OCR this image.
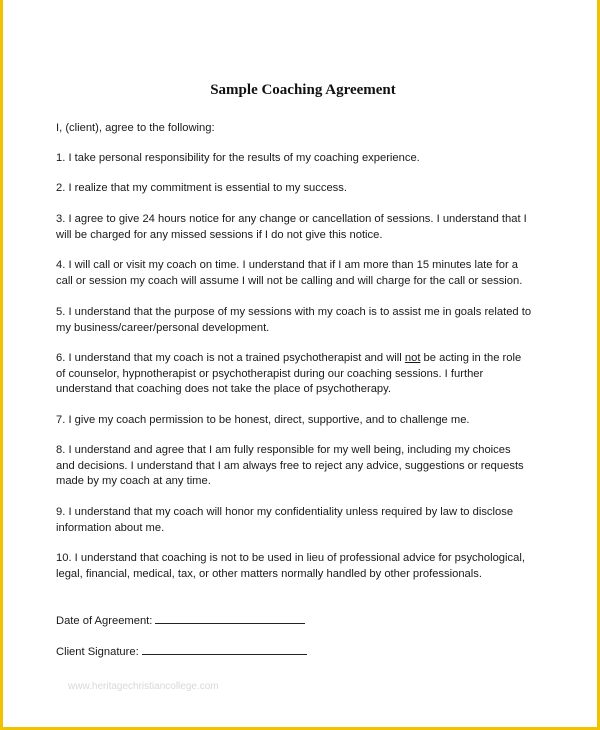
Sample Coaching Agreement
I, (client), agree to the following:
1. I take personal responsibility for the results of my coaching experience.
2. I realize that my commitment is essential to my success.
3. I agree to give 24 hours notice for any change or cancellation of sessions. I understand that I
will be charged for any missed sessions if I do not give this notice.
4. I will call or visit my coach on time. I understand that if I am more than 15 minutes late for a
call or session my coach will assume I will not be calling and will charge for the call or session.
5. I understand that the purpose of my sessions with my coach is to assist me in goals related to
my business/career/personal development.
6. I understand that my coach is not a trained psychotherapist and will not be acting in the role
of counselor, hypnotherapist or psychotherapist during our coaching sessions. I further
understand that coaching does not take the place of psychotherapy.
7. I give my coach permission to be honest, direct, supportive, and to challenge me.
8. I understand and agree that I am fully responsible for my well being, including my choices
and decisions. I understand that I am always free to reject any advice, suggestions or requests
made by my coach at any time.
9. I understand that my coach will honor my confidentiality unless required by law to disclose
information about me.
10. I understand that coaching is not to be used in lieu of professional advice for psychological,
legal, financial, medical, tax, or other matters normally handled by other professionals.
Date of Agreement:
Client Signature:
www.heritagechristiancollege.com
